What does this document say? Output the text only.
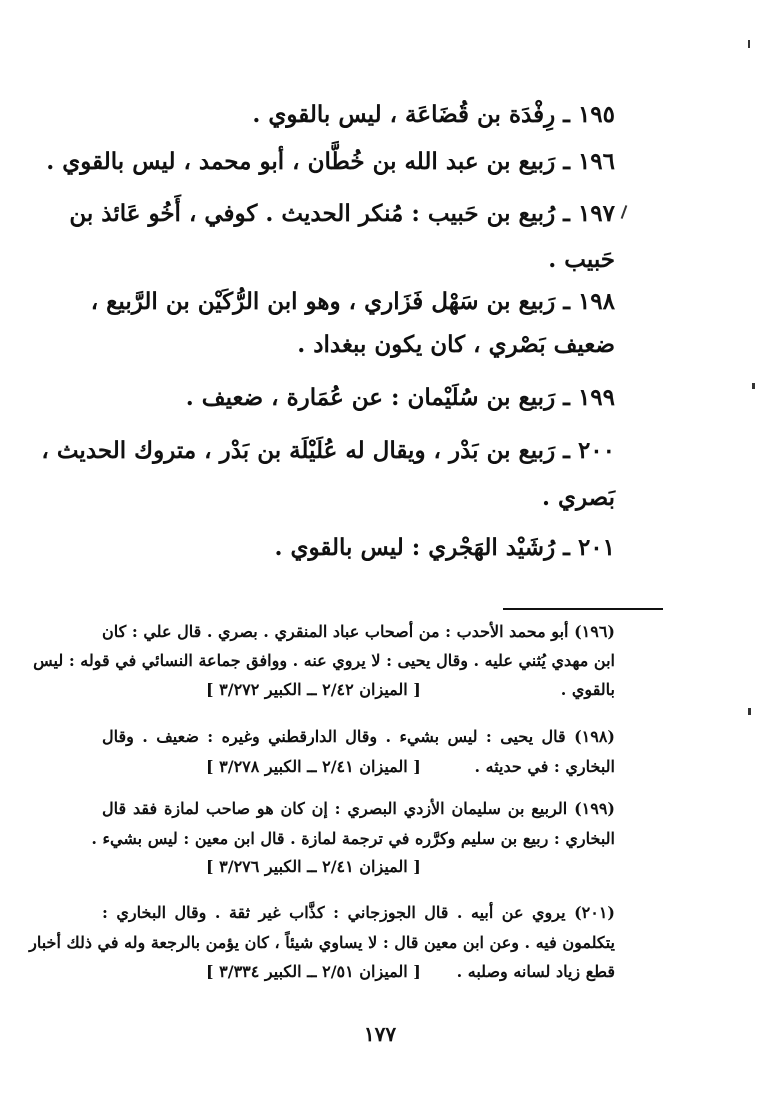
١٩٥ ـ رِفْدَة بن قُضَاعَة ، ليس بالقوي .
١٩٦ ـ رَبيع بن عبد الله بن خُطَّان ، أبو محمد ، ليس بالقوي .
١٩٧ ـ رُبيع بن حَبيب : مُنكر الحديث . كوفي ، أَخُو عَائذ بن
حَبيب .
١٩٨ ـ رَبيع بن سَهْل فَزَاري ، وهو ابن الرُّكَيْن بن الرَّبيع ،
ضعيف بَصْري ، كان يكون ببغداد .
١٩٩ ـ رَبيع بن سُلَيْمان : عن عُمَارة ، ضعيف .
٢٠٠ ـ رَبيع بن بَدْر ، ويقال له عُلَيْلَة بن بَدْر ، متروك الحديث ،
بَصري .
٢٠١ ـ رُشَيْد الهَجْري : ليس بالقوي .
(١٩٦) أبو محمد الأحدب : من أصحاب عباد المنقري . بصري . قال علي : كان
ابن مهدي يُثني عليه . وقال يحيى : لا يروي عنه . ووافق جماعة النسائي في قوله : ليس
بالقوي .
[ الميزان ٢/٤٢ ــ الكبير ٣/٢٧٢ ]
(١٩٨) قال يحيى : ليس بشيء . وقال الدارقطني وغيره : ضعيف . وقال
البخاري : في حديثه .
[ الميزان ٢/٤١ ــ الكبير ٣/٢٧٨ ]
(١٩٩) الربيع بن سليمان الأزدي البصري : إن كان هو صاحب لمازة فقد قال
البخاري : ربيع بن سليم وكرَّره في ترجمة لمازة . قال ابن معين : ليس بشيء .
[ الميزان ٢/٤١ ــ الكبير ٣/٢٧٦ ]
(٢٠١) يروي عن أبيه . قال الجوزجاني : كذَّاب غير ثقة . وقال البخاري :
يتكلمون فيه . وعن ابن معين قال : لا يساوي شيئاً ، كان يؤمن بالرجعة وله في ذلك أخبار
قطع زياد لسانه وصلبه .
[ الميزان ٢/٥١ ــ الكبير ٣/٣٣٤ ]
١٧٧
